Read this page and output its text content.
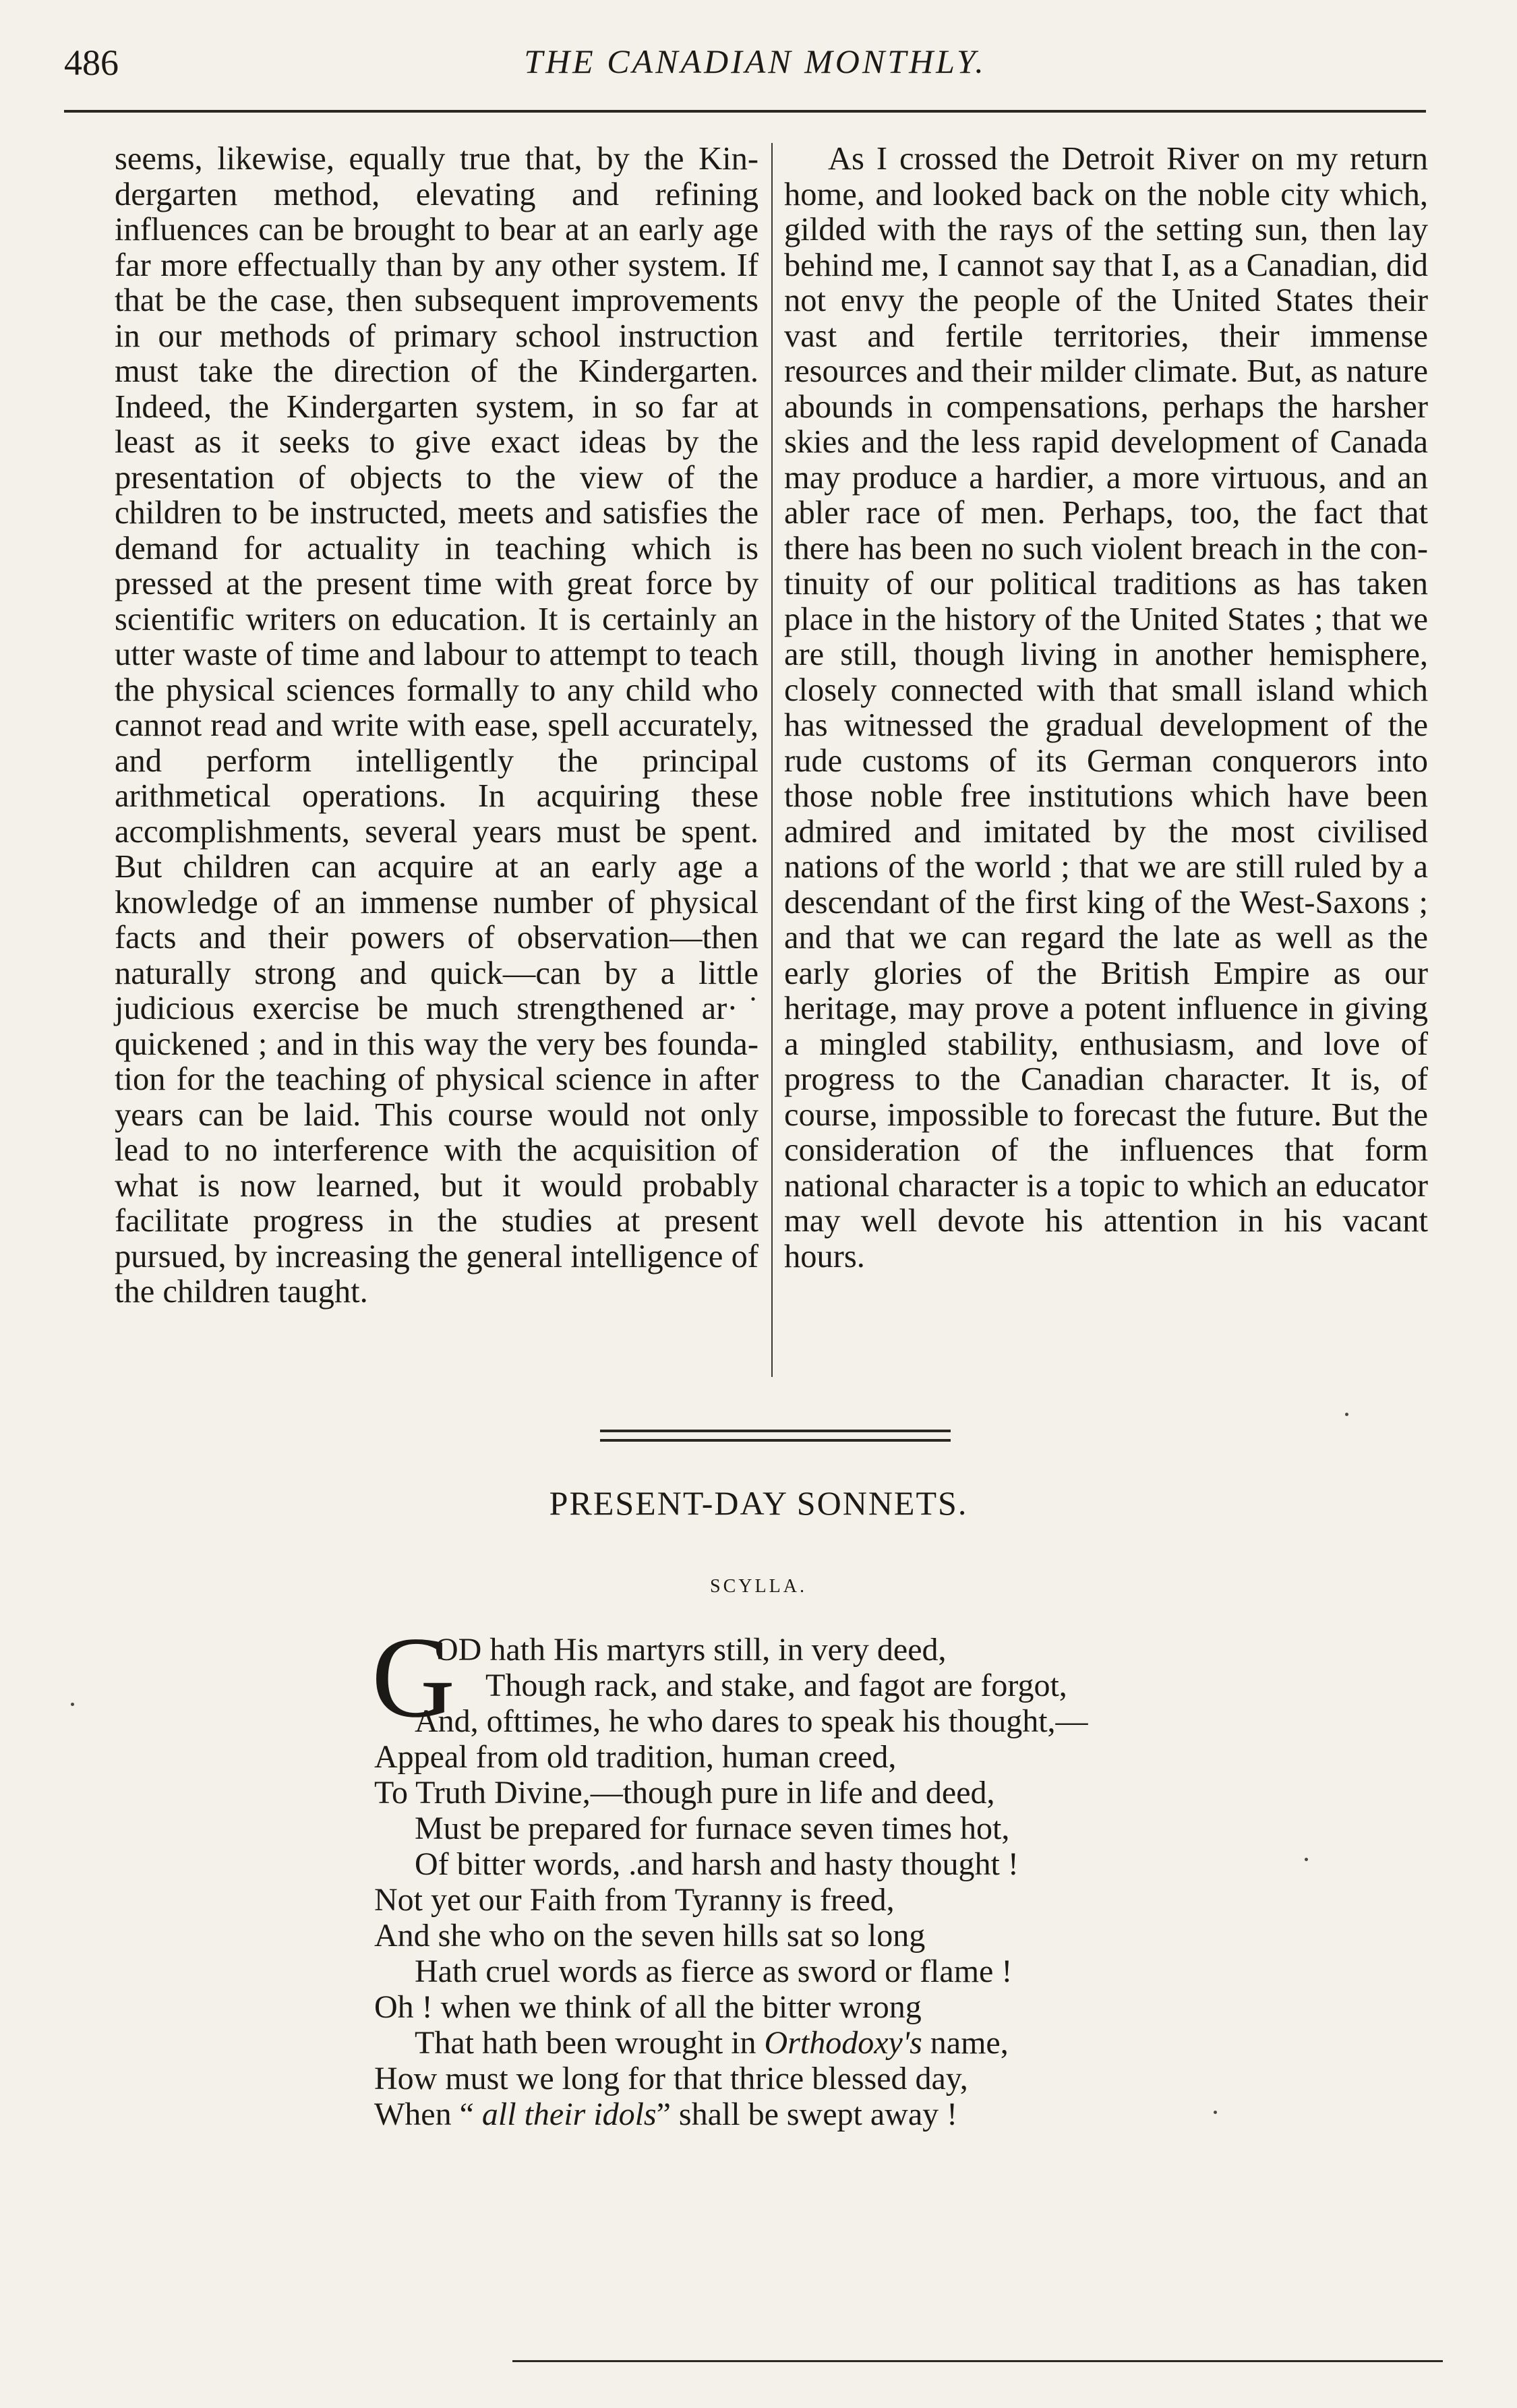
486	THE CANADIAN MONTHLY.

seems, likewise, equally true that, by the Kindergarten method, elevating and refining influences can be brought to bear at an early age far more effectually than by any other system. If that be the case, then subsequent improvements in our methods of primary school instruction must take the direction of the Kindergarten. Indeed, the Kindergarten system, in so far at least as it seeks to give exact ideas by the presentation of objects to the view of the children to be instructed, meets and satisfies the demand for actuality in teaching which is pressed at the present time with great force by scientific writers on education. It is certainly an utter waste of time and labour to attempt to teach the physical sciences formally to any child who cannot read and write with ease, spell accurately, and perform intelligently the principal arithmetical operations. In acquiring these accomplishments, several years must be spent. But children can acquire at an early age a knowledge of an immense number of physical facts and their powers of observation—then naturally strong and quick—can by a little judicious exercise be much strengthened ar·˙ quickened ; and in this way the very bes foundation for the teaching of physical science in after years can be laid. This course would not only lead to no interference with the acquisition of what is now learned, but it would probably facilitate progress in the studies at present pursued, by increasing the general intelligence of the children taught.

As I crossed the Detroit River on my return home, and looked back on the noble city which, gilded with the rays of the setting sun, then lay behind me, I cannot say that I, as a Canadian, did not envy the people of the United States their vast and fertile territories, their immense resources and their milder climate. But, as nature abounds in compensations, perhaps the harsher skies and the less rapid development of Canada may produce a hardier, a more virtuous, and an abler race of men. Perhaps, too, the fact that there has been no such violent breach in the continuity of our political traditions as has taken place in the history of the United States ; that we are still, though living in another hemisphere, closely connected with that small island which has witnessed the gradual development of the rude customs of its German conquerors into those noble free institutions which have been admired and imitated by the most civilised nations of the world ; that we are still ruled by a descendant of the first king of the West-Saxons ; and that we can regard the late as well as the early glories of the British Empire as our heritage, may prove a potent influence in giving a mingled stability, enthusiasm, and love of progress to the Canadian character. It is, of course, impossible to forecast the future. But the consideration of the influences that form national character is a topic to which an educator may well devote his attention in his vacant hours.

PRESENT-DAY SONNETS.
SCYLLA.
G
OD hath His martyrs still, in very deed,
Though rack, and stake, and fagot are forgot,
And, ofttimes, he who dares to speak his thought,—
Appeal from old tradition, human creed,
To Truth Divine,—though pure in life and deed,
Must be prepared for furnace seven times hot,
Of bitter words, .and harsh and hasty thought !
Not yet our Faith from Tyranny is freed,
And she who on the seven hills sat so long
Hath cruel words as fierce as sword or flame !
Oh ! when we think of all the bitter wrong
That hath been wrought in Orthodoxy's name,
How must we long for that thrice blessed day,
When “ all their idols” shall be swept away !
